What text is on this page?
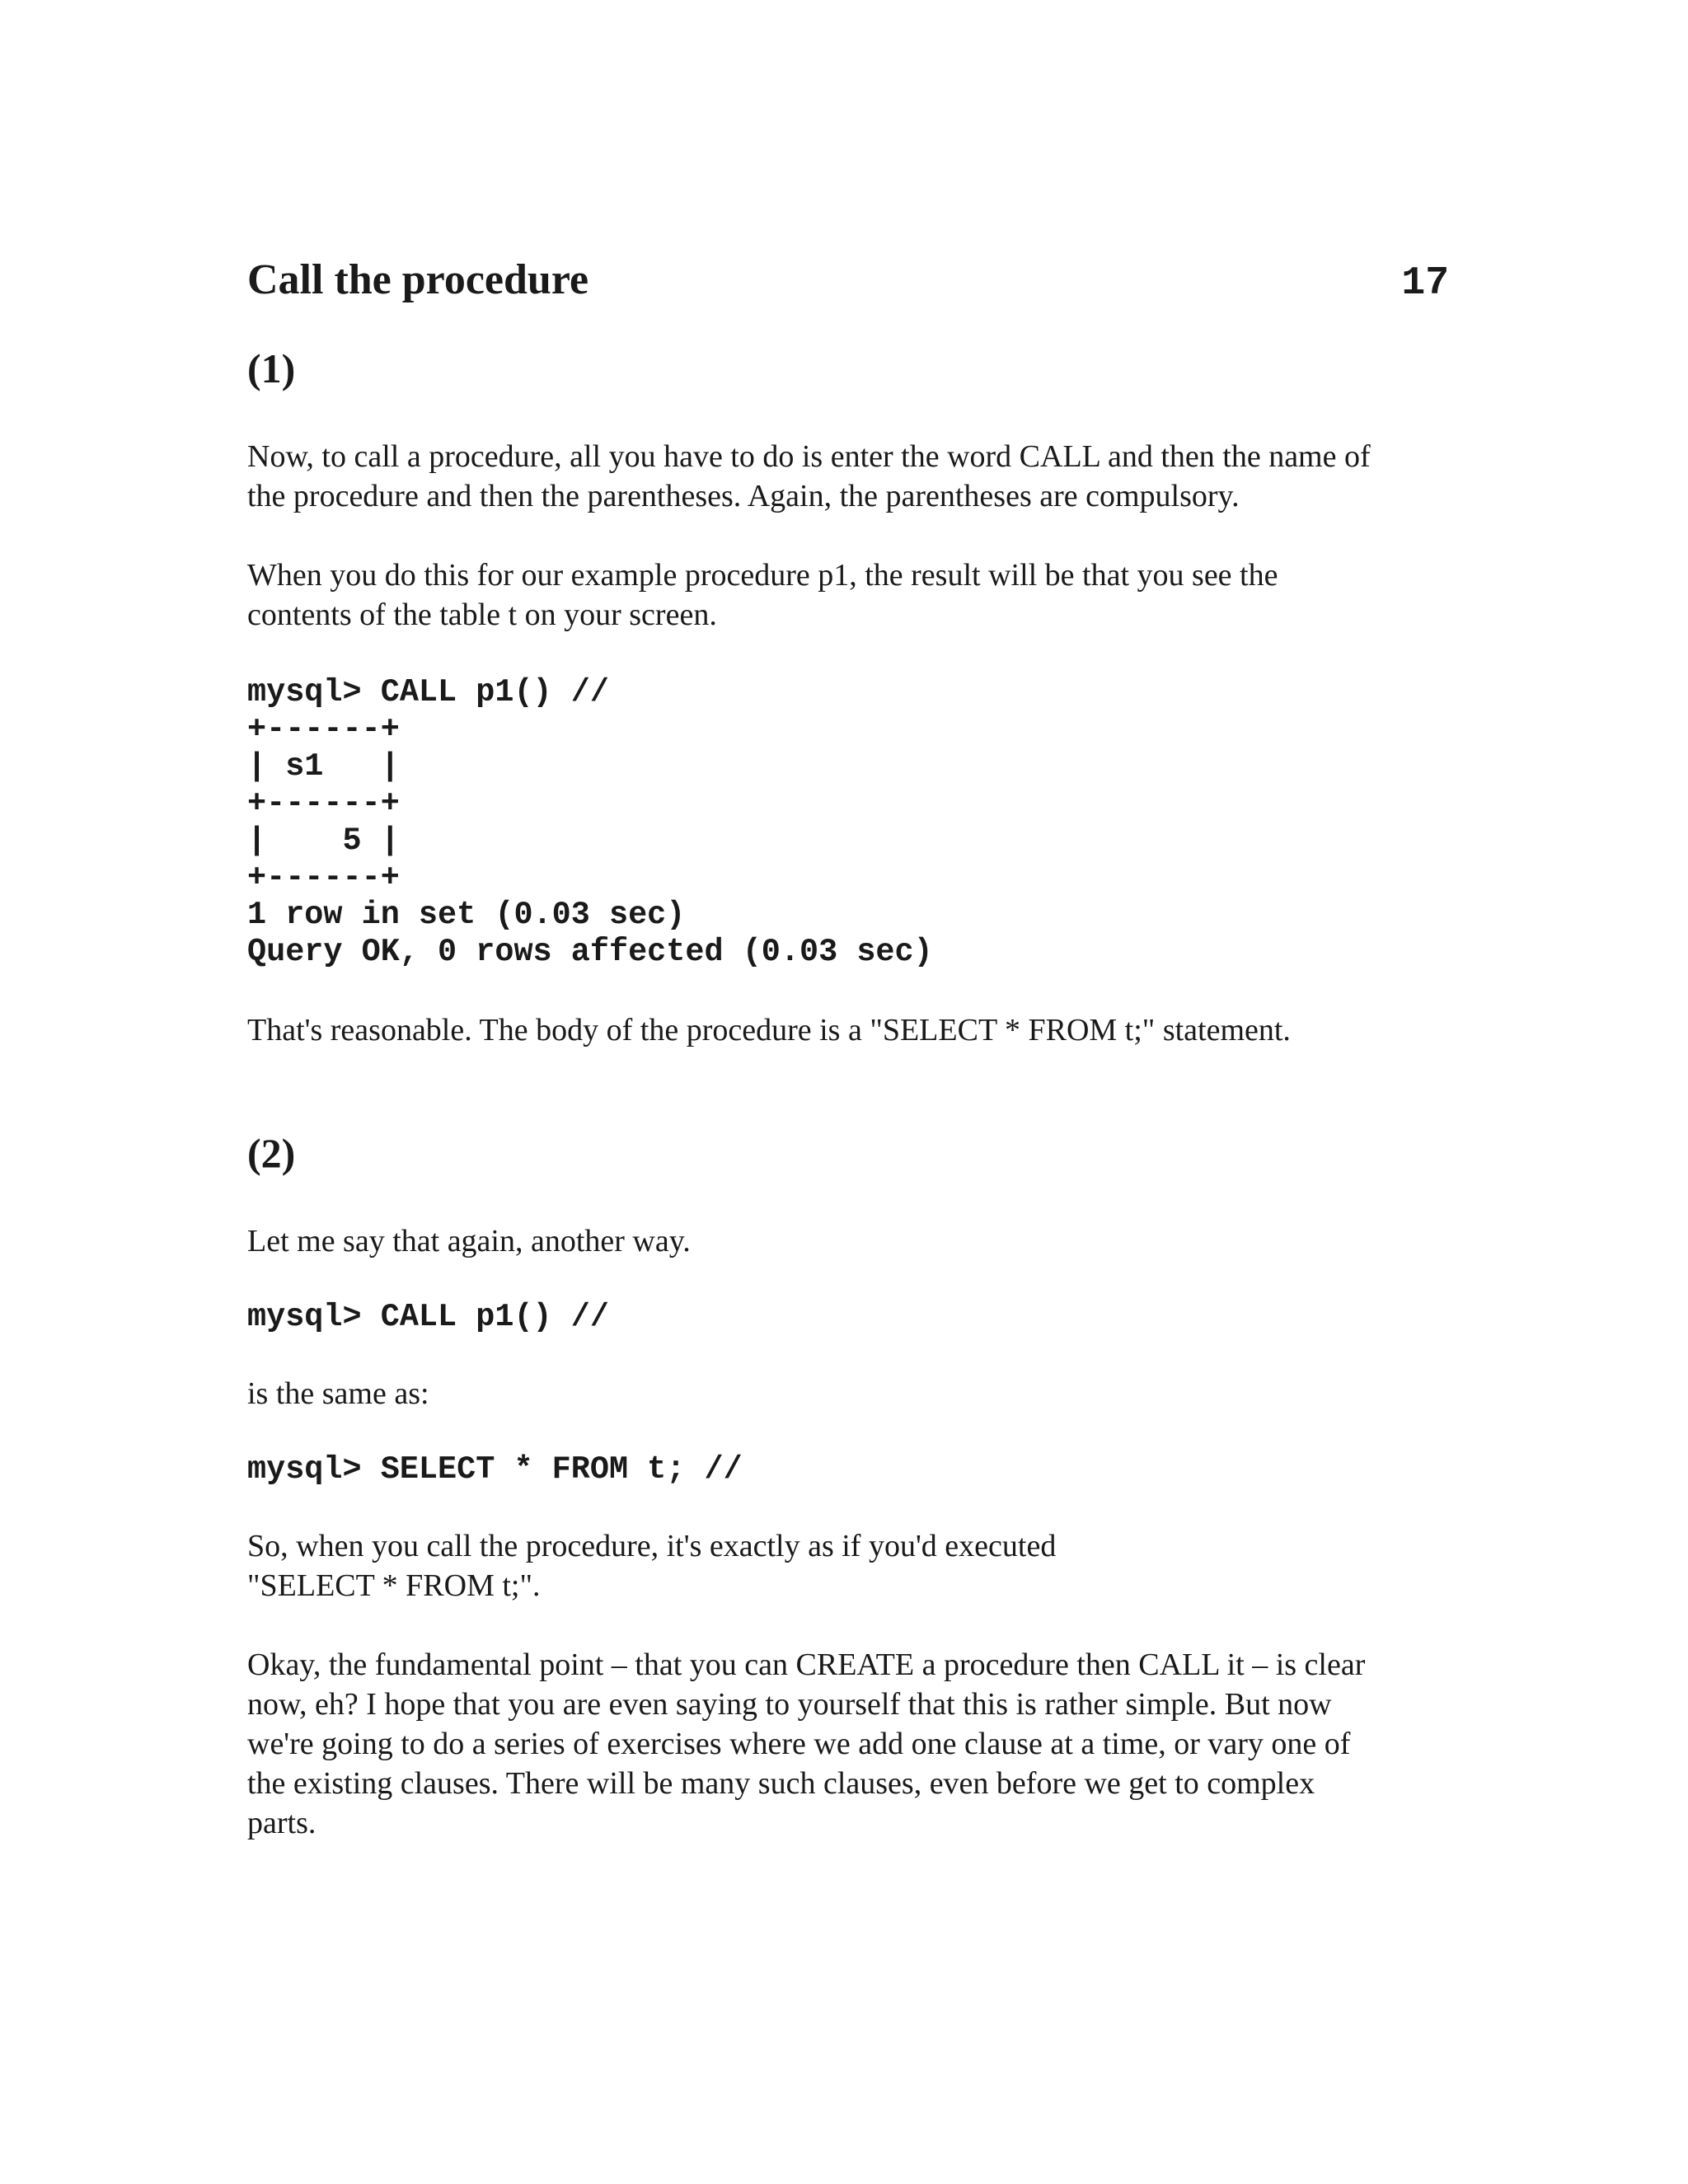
Call the procedure	17
(1)

Now, to call a procedure, all you have to do is enter the word CALL and then the name of
the procedure and then the parentheses. Again, the parentheses are compulsory.

When you do this for our example procedure p1, the result will be that you see the
contents of the table t on your screen.

mysql> CALL p1() //
+------+
| s1   |
+------+
|    5 |
+------+
1 row in set (0.03 sec)
Query OK, 0 rows affected (0.03 sec)

That's reasonable. The body of the procedure is a "SELECT * FROM t;" statement.

(2)

Let me say that again, another way.

mysql> CALL p1() //

is the same as:

mysql> SELECT * FROM t; //

So, when you call the procedure, it's exactly as if you'd executed
"SELECT * FROM t;".

Okay, the fundamental point – that you can CREATE a procedure then CALL it – is clear
now, eh? I hope that you are even saying to yourself that this is rather simple. But now
we're going to do a series of exercises where we add one clause at a time, or vary one of
the existing clauses. There will be many such clauses, even before we get to complex
parts.
